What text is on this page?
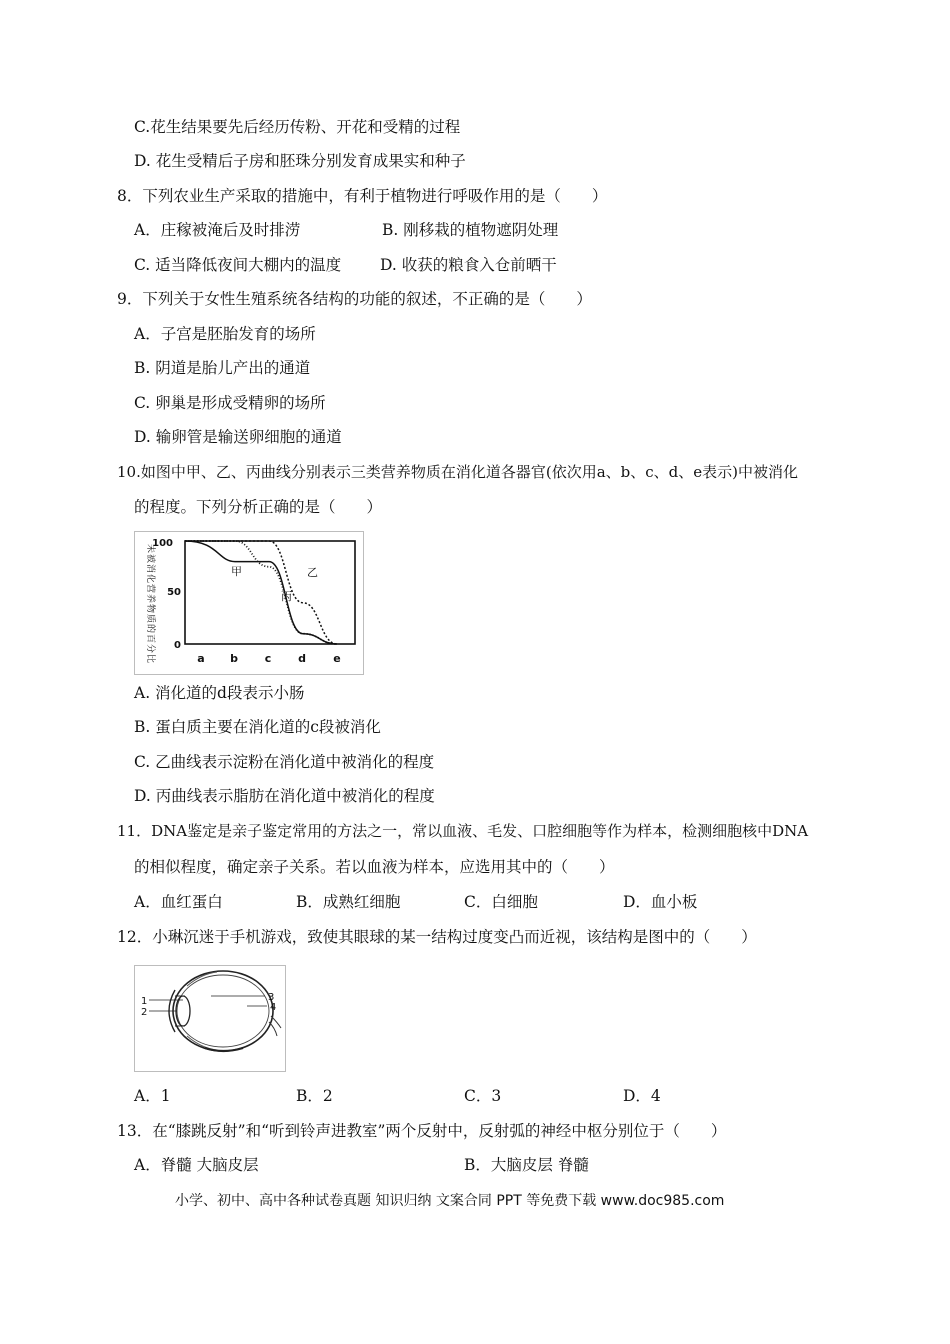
C.花生结果要先后经历传粉、开花和受精的过程
D. 花生受精后子房和胚珠分别发育成果实和种子
8．下列农业生产采取的措施中，有利于植物进行呼吸作用的是（　　）
A．庄稼被淹后及时排涝	B. 刚移栽的植物遮阴处理
C. 适当降低夜间大棚内的温度	D. 收获的粮食入仓前晒干
9．下列关于女性生殖系统各结构的功能的叙述，不正确的是（　　）
A．子宫是胚胎发育的场所
B. 阴道是胎儿产出的通道
C. 卵巢是形成受精卵的场所
D. 输卵管是输送卵细胞的通道
10.如图中甲、乙、丙曲线分别表示三类营养物质在消化道各器官(依次用a、b、c、d、e表示)中被消化
的程度。下列分析正确的是（　　）
未被消化营养物质的百分比
100
50
0
a b c d e
甲	乙
丙
A. 消化道的d段表示小肠
B. 蛋白质主要在消化道的c段被消化
C. 乙曲线表示淀粉在消化道中被消化的程度
D. 丙曲线表示脂肪在消化道中被消化的程度
11．DNA鉴定是亲子鉴定常用的方法之一，常以血液、毛发、口腔细胞等作为样本，检测细胞核中DNA
的相似程度，确定亲子关系。若以血液为样本，应选用其中的（　　）
A．血红蛋白	B．成熟红细胞	C．白细胞	D．血小板
12．小琳沉迷于手机游戏，致使其眼球的某一结构过度变凸而近视，该结构是图中的（　　）
1
2
3
4
A．1	B．2	C．3	D．4
13．在“膝跳反射”和“听到铃声进教室”两个反射中，反射弧的神经中枢分别位于（　　）
A．脊髓 大脑皮层	B．大脑皮层 脊髓
小学、初中、高中各种试卷真题 知识归纳 文案合同 PPT 等免费下载 www.doc985.com
